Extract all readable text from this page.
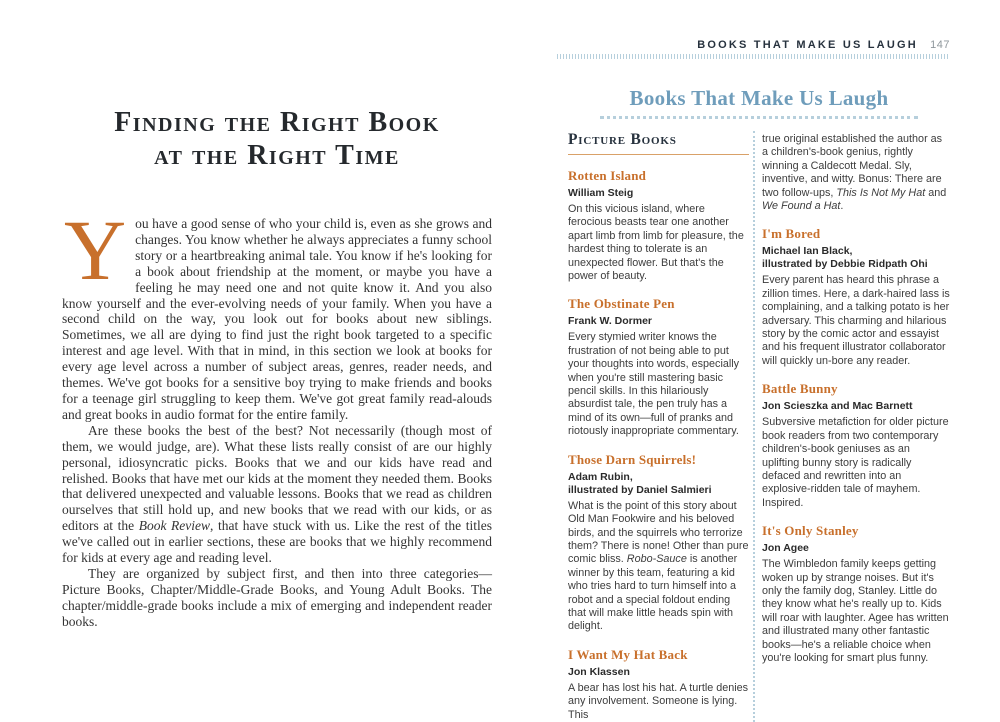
BOOKS THAT MAKE US LAUGH 147
Finding the Right Book
at the Right Time

You have a good sense of who your child is, even as she grows and changes. You know whether he always appreciates a funny school story or a heartbreaking animal tale. You know if he's looking for a book about friendship at the moment, or maybe you have a feeling he may need one and not quite know it. And you also know yourself and the ever-evolving needs of your family. When you have a second child on the way, you look out for books about new siblings. Sometimes, we all are dying to find just the right book targeted to a specific interest and age level. With that in mind, in this section we look at books for every age level across a number of subject areas, genres, reader needs, and themes. We've got books for a sensitive boy trying to make friends and books for a teenage girl struggling to keep them. We've got great family read-alouds and great books in audio format for the entire family.

Are these books the best of the best? Not necessarily (though most of them, we would judge, are). What these lists really consist of are our highly personal, idiosyncratic picks. Books that we and our kids have read and relished. Books that have met our kids at the moment they needed them. Books that delivered unexpected and valuable lessons. Books that we read as children ourselves that still hold up, and new books that we read with our kids, or as editors at the Book Review, that have stuck with us. Like the rest of the titles we've called out in earlier sections, these are books that we highly recommend for kids at every age and reading level.

They are organized by subject first, and then into three categories—Picture Books, Chapter/Middle-Grade Books, and Young Adult Books. The chapter/middle-grade books include a mix of emerging and independent reader books.

Books That Make Us Laugh
Picture Books
Rotten Island
William Steig

On this vicious island, where ferocious beasts tear one another apart limb from limb for pleasure, the hardest thing to tolerate is an unexpected flower. But that's the power of beauty.

The Obstinate Pen
Frank W. Dormer

Every stymied writer knows the frustration of not being able to put your thoughts into words, especially when you're still mastering basic pencil skills. In this hilariously absurdist tale, the pen truly has a mind of its own—full of pranks and riotously inappropriate commentary.

Those Darn Squirrels!
Adam Rubin,
illustrated by Daniel Salmieri

What is the point of this story about Old Man Fookwire and his beloved birds, and the squirrels who terrorize them? There is none! Other than pure comic bliss. Robo-Sauce is another winner by this team, featuring a kid who tries hard to turn himself into a robot and a special foldout ending that will make little heads spin with delight.

I Want My Hat Back
Jon Klassen

A bear has lost his hat. A turtle denies any involvement. Someone is lying. This

true original established the author as a children's-book genius, rightly winning a Caldecott Medal. Sly, inventive, and witty. Bonus: There are two follow-ups, This Is Not My Hat and We Found a Hat.

I'm Bored
Michael Ian Black,
illustrated by Debbie Ridpath Ohi

Every parent has heard this phrase a zillion times. Here, a dark-haired lass is complaining, and a talking potato is her adversary. This charming and hilarious story by the comic actor and essayist and his frequent illustrator collaborator will quickly un-bore any reader.

Battle Bunny
Jon Scieszka and Mac Barnett

Subversive metafiction for older picture book readers from two contemporary children's-book geniuses as an uplifting bunny story is radically defaced and rewritten into an explosive-ridden tale of mayhem. Inspired.

It's Only Stanley
Jon Agee

The Wimbledon family keeps getting woken up by strange noises. But it's only the family dog, Stanley. Little do they know what he's really up to. Kids will roar with laughter. Agee has written and illustrated many other fantastic books—he's a reliable choice when you're looking for smart plus funny.
